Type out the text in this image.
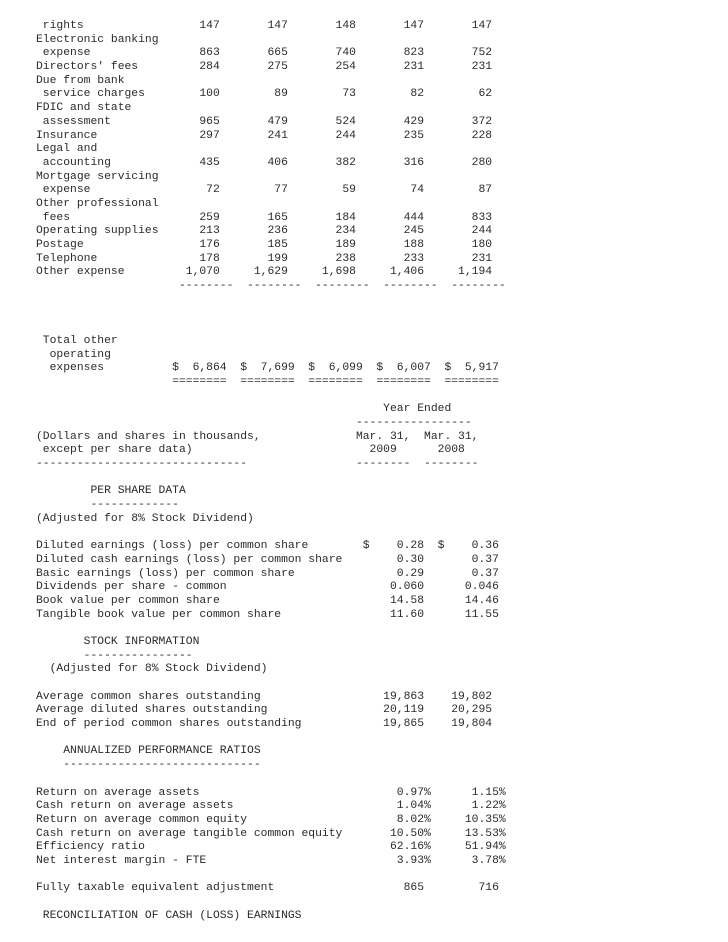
rights                 147       147       148       147       147
Electronic banking
expense                863       665       740       823       752
Directors' fees         284       275       254       231       231
Due from bank
service charges        100        89        73        82        62
FDIC and state
assessment             965       479       524       429       372
Insurance               297       241       244       235       228
Legal and
accounting             435       406       382       316       280
Mortgage servicing
expense                 72        77        59        74        87
Other professional
fees                   259       165       184       444       833
Operating supplies      213       236       234       245       244
Postage                 176       185       189       188       180
Telephone               178       199       238       233       231
Other expense         1,070     1,629     1,698     1,406     1,194
--------  --------  --------  --------  --------

Total other
operating
expenses          $  6,864  $  7,699  $  6,099  $  6,007  $  5,917
========  ========  ========  ========  ========

Year Ended
-----------------
(Dollars and shares in thousands,              Mar. 31,  Mar. 31,
except per share data)                          2009      2008
-------------------------------                --------  --------

PER SHARE DATA
-------------
(Adjusted for 8% Stock Dividend)

Diluted earnings (loss) per common share        $    0.28  $    0.36
Diluted cash earnings (loss) per common share        0.30       0.37
Basic earnings (loss) per common share               0.29       0.37
Dividends per share - common                        0.060      0.046
Book value per common share                         14.58      14.46
Tangible book value per common share                11.60      11.55

STOCK INFORMATION
----------------
(Adjusted for 8% Stock Dividend)

Average common shares outstanding                  19,863    19,802
Average diluted shares outstanding                 20,119    20,295
End of period common shares outstanding            19,865    19,804

ANNUALIZED PERFORMANCE RATIOS
-----------------------------

Return on average assets                             0.97%      1.15%
Cash return on average assets                        1.04%      1.22%
Return on average common equity                      8.02%     10.35%
Cash return on average tangible common equity       10.50%     13.53%
Efficiency ratio                                    62.16%     51.94%
Net interest margin - FTE                            3.93%      3.78%

Fully taxable equivalent adjustment                   865        716

RECONCILIATION OF CASH (LOSS) EARNINGS
